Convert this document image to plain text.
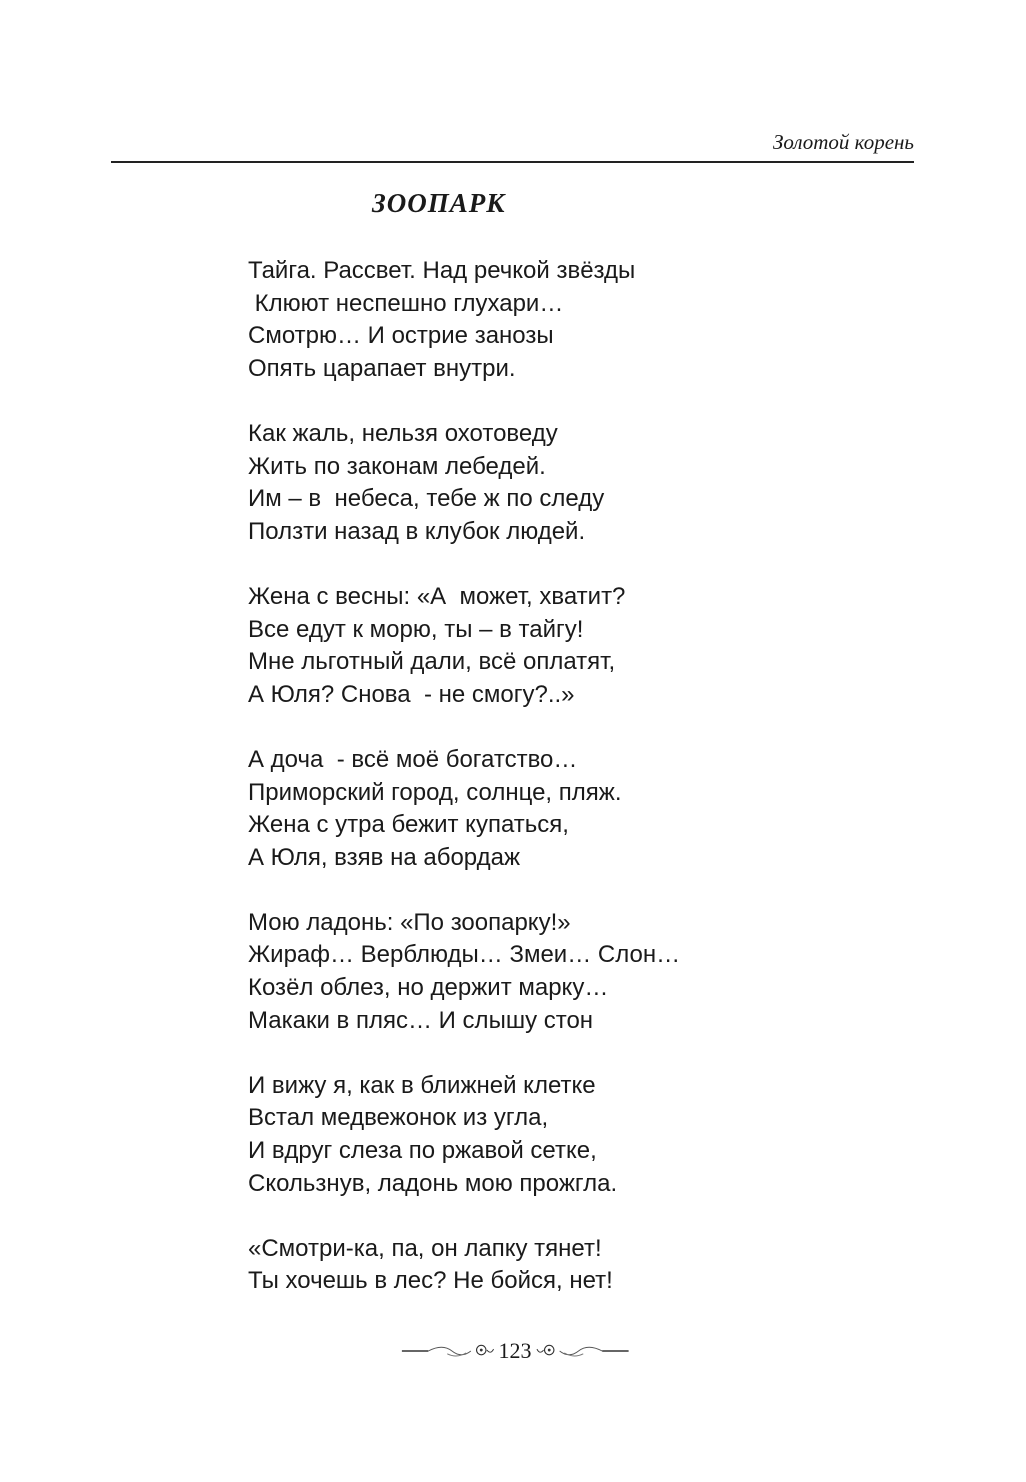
Золотой корень
ЗООПАРК
Тайга. Рассвет. Над речкой звёзды
Клюют неспешно глухари…
Смотрю… И острие занозы
Опять царапает внутри.
Как жаль, нельзя охотоведу
Жить по законам лебедей.
Им – в  небеса, тебе ж по следу
Ползти назад в клубок людей.
Жена с весны: «А  может, хватит?
Все едут к морю, ты – в тайгу!
Мне льготный дали, всё оплатят,
А Юля? Снова  - не смогу?..»
А доча  - всё моё богатство…
Приморский город, солнце, пляж.
Жена с утра бежит купаться,
А Юля, взяв на абордаж
Мою ладонь: «По зоопарку!»
Жираф… Верблюды… Змеи… Слон…
Козёл облез, но держит марку…
Макаки в пляс… И слышу стон
И вижу я, как в ближней клетке
Встал медвежонок из угла,
И вдруг слеза по ржавой сетке,
Скользнув, ладонь мою прожгла.
«Смотри-ка, па, он лапку тянет!
Ты хочешь в лес? Не бойся, нет!
123
